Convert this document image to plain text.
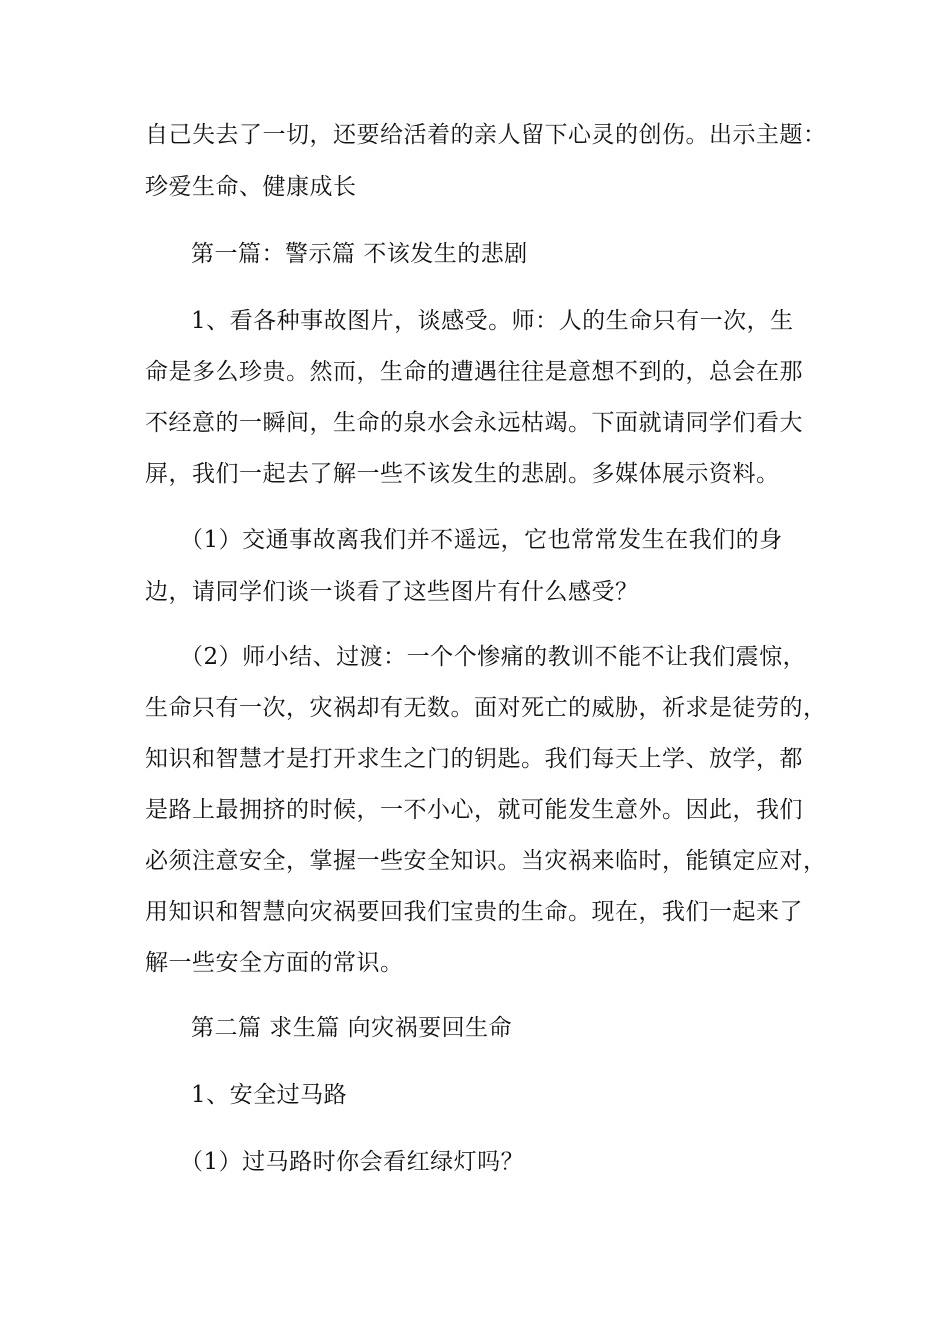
自己失去了一切，还要给活着的亲人留下心灵的创伤。出示主题：
珍爱生命、健康成长
第一篇：警示篇 不该发生的悲剧
1、看各种事故图片，谈感受。师：人的生命只有一次，生
命是多么珍贵。然而，生命的遭遇往往是意想不到的，总会在那
不经意的一瞬间，生命的泉水会永远枯竭。下面就请同学们看大
屏，我们一起去了解一些不该发生的悲剧。多媒体展示资料。
（1）交通事故离我们并不遥远，它也常常发生在我们的身
边，请同学们谈一谈看了这些图片有什么感受？
（2）师小结、过渡：一个个惨痛的教训不能不让我们震惊，
生命只有一次，灾祸却有无数。面对死亡的威胁，祈求是徒劳的，
知识和智慧才是打开求生之门的钥匙。我们每天上学、放学，都
是路上最拥挤的时候，一不小心，就可能发生意外。因此，我们
必须注意安全，掌握一些安全知识。当灾祸来临时，能镇定应对，
用知识和智慧向灾祸要回我们宝贵的生命。现在，我们一起来了
解一些安全方面的常识。
第二篇 求生篇 向灾祸要回生命
1、安全过马路
（1）过马路时你会看红绿灯吗？
